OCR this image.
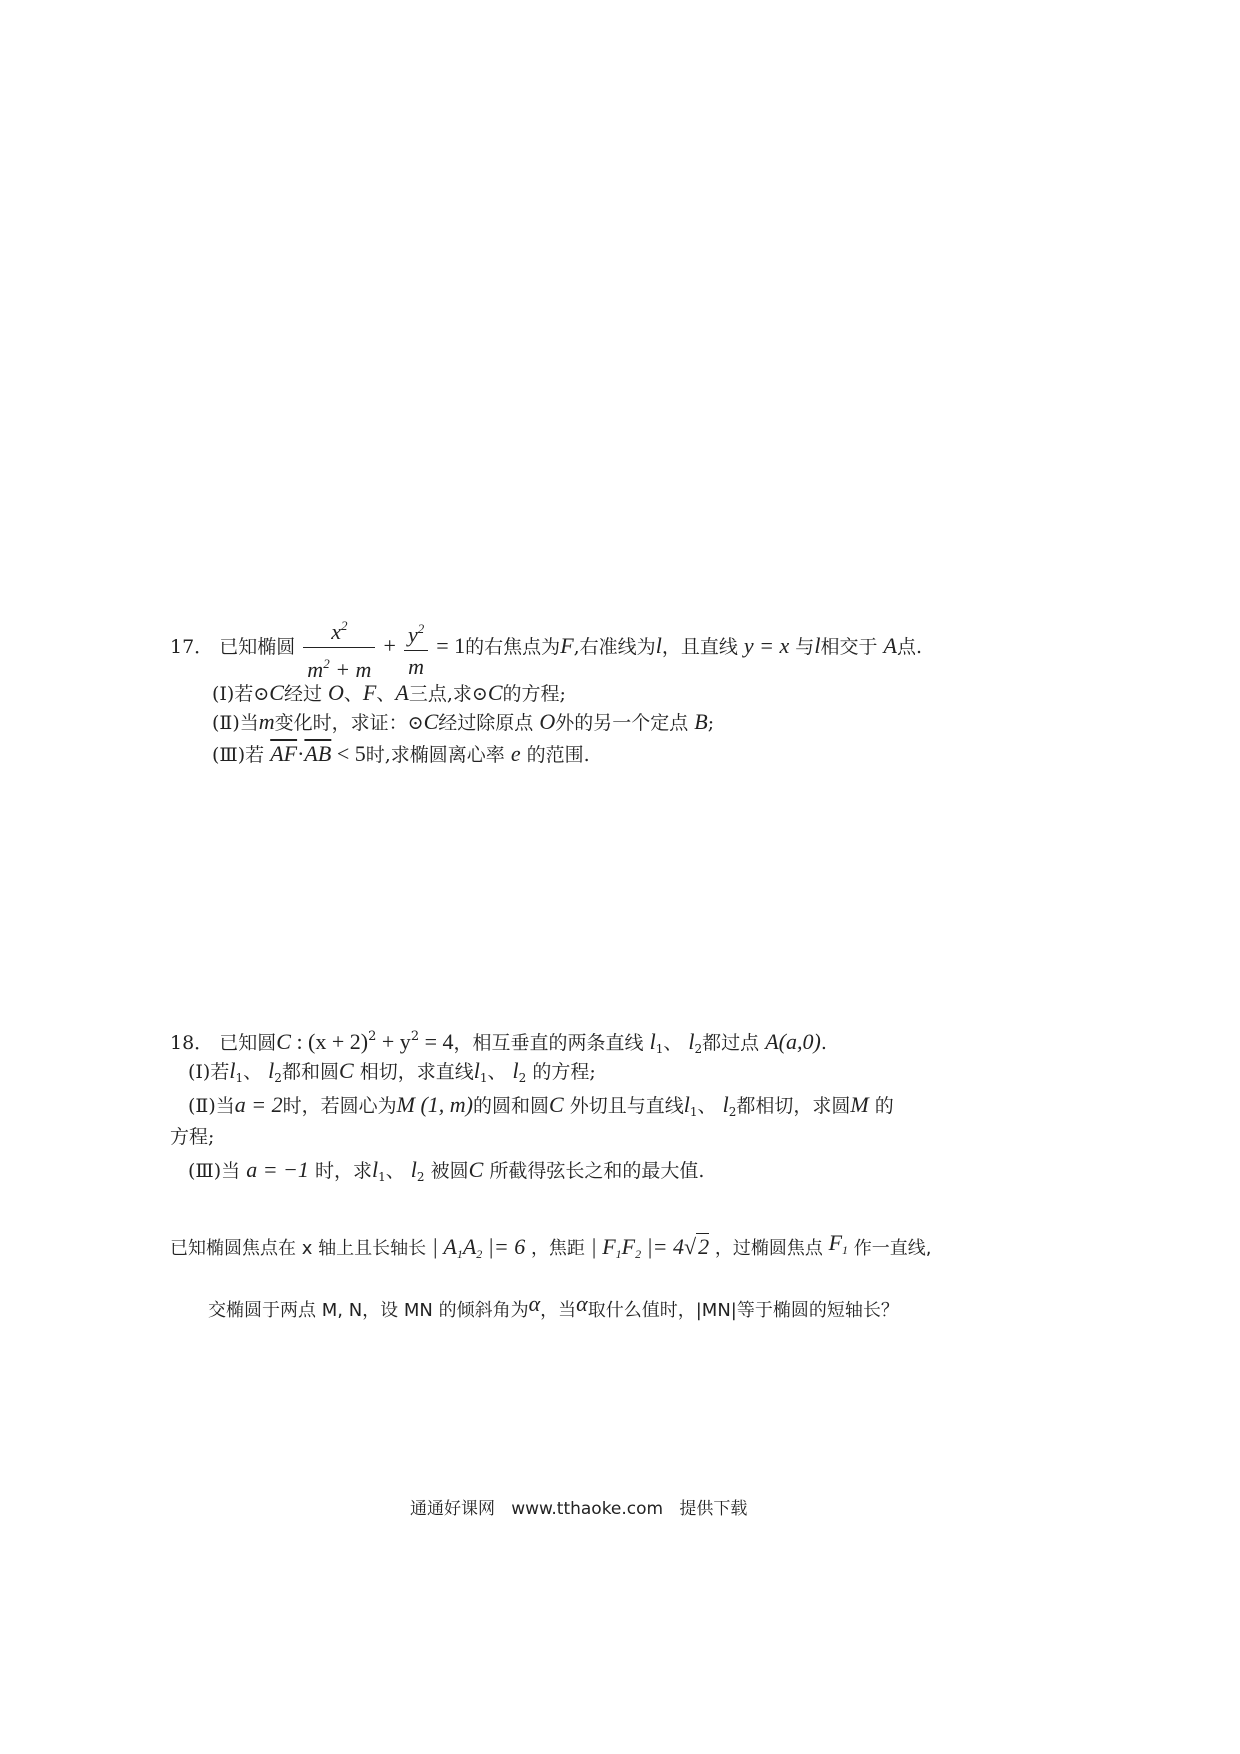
17． 已知椭圆 $\frac{x^2}{m^2 + m} + \frac{y^2}{m} = 1$的右焦点为F,右准线为l，且直线 y = x 与l相交于 A点.
(Ⅰ)若⊙C经过 O、F、A三点,求⊙C的方程;
(Ⅱ)当m变化时，求证：⊙C经过除原点 O外的另一个定点 B;
(Ⅲ)若 $\overline{AF}\cdot\overline{AB} < 5$时,求椭圆离心率 e 的范围.
18． 已知圆C : $(x + 2)^2 + y^2 = 4$，相互垂直的两条直线 $l_1$、 $l_2$都过点 A(a,0).
(Ⅰ)若$l_1$、 $l_2$都和圆C 相切，求直线$l_1$、 $l_2$ 的方程;
(Ⅱ)当a = 2时，若圆心为M (1, m)的圆和圆C 外切且与直线$l_1$、 $l_2$都相切，求圆M 的
方程;
(Ⅲ)当 a = −1 时，求$l_1$、 $l_2$ 被圆C 所截得弦长之和的最大值.
已知椭圆焦点在 x 轴上且长轴长 | $A_1A_2$ |= 6 ，焦距 | $F_1F_2$ |= 4√2 ，过椭圆焦点 $F_1$ 作一直线,
交椭圆于两点 M, N，设 MN 的倾斜角为α，当α取什么值时，|MN|等于椭圆的短轴长？
通通好课网 www.tthaoke.com 提供下载
